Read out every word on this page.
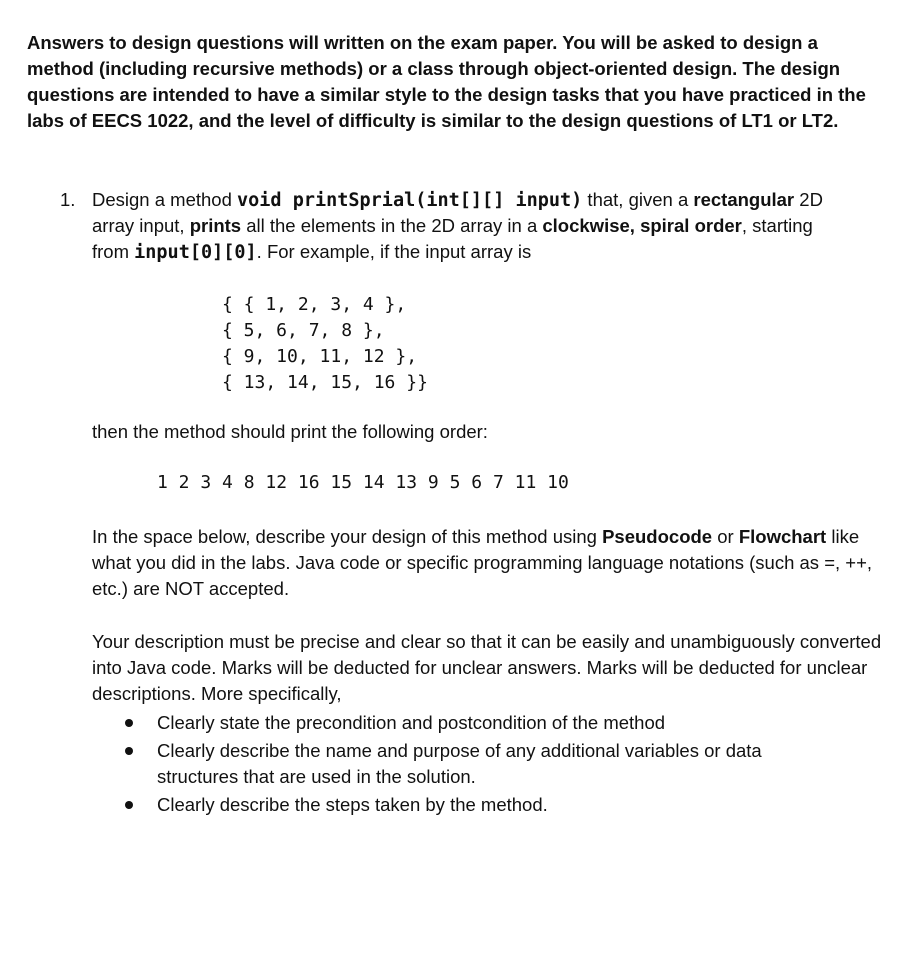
Answers to design questions will written on the exam paper. You will be asked to design a method (including recursive methods) or a class through object-oriented design. The design questions are intended to have a similar style to the design tasks that you have practiced in the labs of EECS 1022, and the level of difficulty is similar to the design questions of LT1 or LT2.
1. Design a method void printSprial(int[][] input) that, given a rectangular 2D
array input, prints all the elements in the 2D array in a clockwise, spiral order, starting
from input[0][0]. For example, if the input array is
{ { 1, 2, 3, 4 },
{ 5, 6, 7, 8 },
{ 9, 10, 11, 12 },
{ 13, 14, 15, 16 }}
then the method should print the following order:
1 2 3 4 8 12 16 15 14 13 9 5 6 7 11 10
In the space below, describe your design of this method using Pseudocode or Flowchart like what you did in the labs. Java code or specific programming language notations (such as =, ++, etc.) are NOT accepted.
Your description must be precise and clear so that it can be easily and unambiguously converted into Java code. Marks will be deducted for unclear answers. Marks will be deducted for unclear descriptions. More specifically,
Clearly state the precondition and postcondition of the method
Clearly describe the name and purpose of any additional variables or data structures that are used in the solution.
Clearly describe the steps taken by the method.
